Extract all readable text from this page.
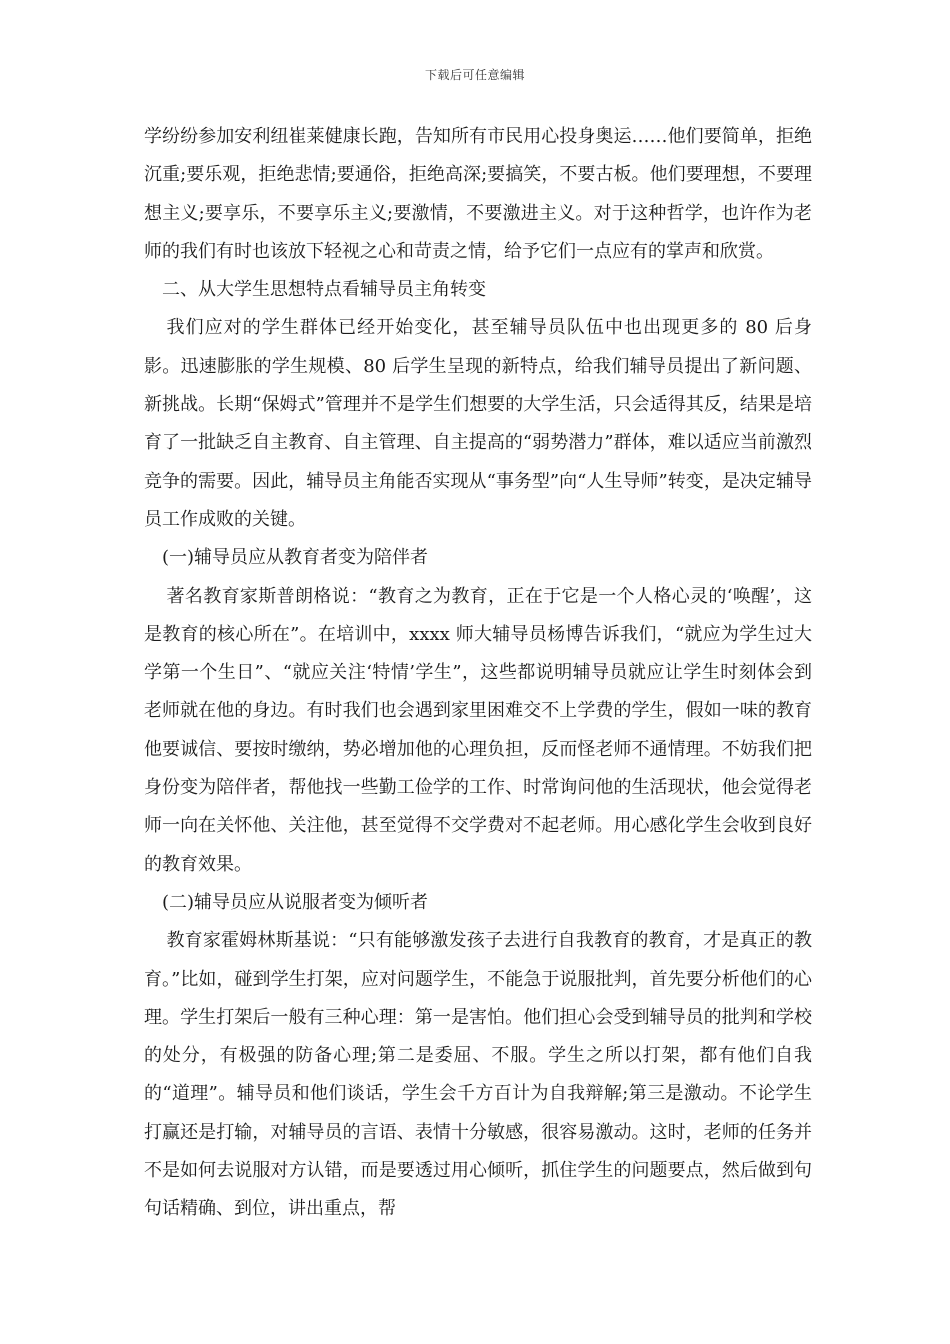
下载后可任意编辑

学纷纷参加安利纽崔莱健康长跑，告知所有市民用心投身奥运……他们要简单，拒绝沉重;要乐观，拒绝悲情;要通俗，拒绝高深;要搞笑，不要古板。他们要理想，不要理想主义;要享乐，不要享乐主义;要激情，不要激进主义。对于这种哲学，也许作为老师的我们有时也该放下轻视之心和苛责之情，给予它们一点应有的掌声和欣赏。

二、从大学生思想特点看辅导员主角转变

我们应对的学生群体已经开始变化，甚至辅导员队伍中也出现更多的 80 后身影。迅速膨胀的学生规模、80 后学生呈现的新特点，给我们辅导员提出了新问题、新挑战。长期“保姆式”管理并不是学生们想要的大学生活，只会适得其反，结果是培育了一批缺乏自主教育、自主管理、自主提高的“弱势潜力”群体，难以适应当前激烈竞争的需要。因此，辅导员主角能否实现从“事务型”向“人生导师”转变，是决定辅导员工作成败的关键。

(一)辅导员应从教育者变为陪伴者

著名教育家斯普朗格说：“教育之为教育，正在于它是一个人格心灵的‘唤醒’，这是教育的核心所在”。在培训中，xxxx 师大辅导员杨博告诉我们，“就应为学生过大学第一个生日”、“就应关注‘特情’学生”，这些都说明辅导员就应让学生时刻体会到老师就在他的身边。有时我们也会遇到家里困难交不上学费的学生，假如一味的教育他要诚信、要按时缴纳，势必增加他的心理负担，反而怪老师不通情理。不妨我们把身份变为陪伴者，帮他找一些勤工俭学的工作、时常询问他的生活现状，他会觉得老师一向在关怀他、关注他，甚至觉得不交学费对不起老师。用心感化学生会收到良好的教育效果。

(二)辅导员应从说服者变为倾听者

教育家霍姆林斯基说：“只有能够激发孩子去进行自我教育的教育，才是真正的教育。”比如，碰到学生打架，应对问题学生，不能急于说服批判，首先要分析他们的心理。学生打架后一般有三种心理：第一是害怕。他们担心会受到辅导员的批判和学校的处分，有极强的防备心理;第二是委屈、不服。学生之所以打架，都有他们自我的“道理”。辅导员和他们谈话，学生会千方百计为自我辩解;第三是激动。不论学生打赢还是打输，对辅导员的言语、表情十分敏感，很容易激动。这时，老师的任务并不是如何去说服对方认错，而是要透过用心倾听，抓住学生的问题要点，然后做到句句话精确、到位，讲出重点，帮
